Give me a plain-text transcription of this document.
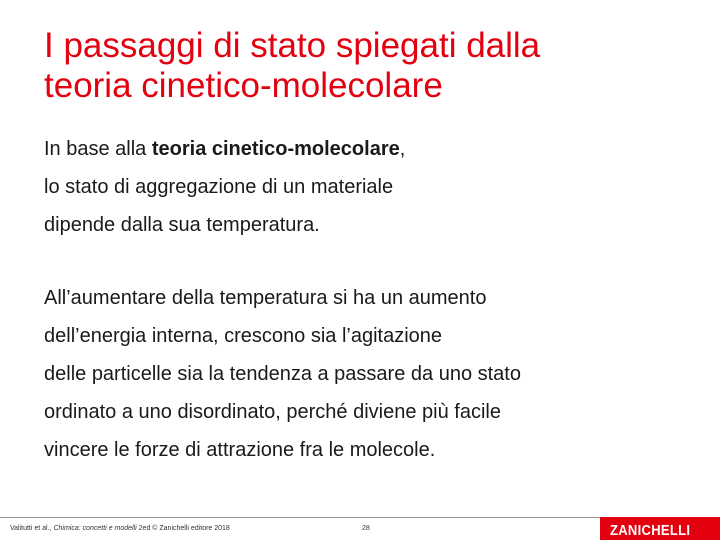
I passaggi di stato spiegati dalla
teoria cinetico-molecolare
In base alla teoria cinetico-molecolare,
lo stato di aggregazione di un materiale
dipende dalla sua temperatura.
All’aumentare della temperatura si ha un aumento
dell’energia interna, crescono sia l’agitazione
delle particelle sia la tendenza a passare da uno stato
ordinato a uno disordinato, perché diviene più facile
vincere le forze di attrazione fra le molecole.
Valitutti et al., Chimica: concetti e modelli 2ed © Zanichelli editore 2018	28	ZANICHELLI
